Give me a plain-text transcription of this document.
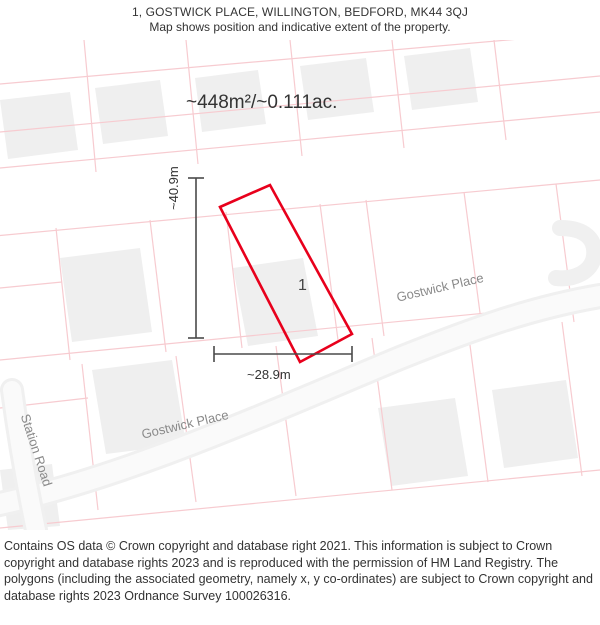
1, GOSTWICK PLACE, WILLINGTON, BEDFORD, MK44 3QJ
Map shows position and indicative extent of the property.
~448m²/~0.111ac.
1
~40.9m
~28.9m
Gostwick Place
Gostwick Place
Station Road
Contains OS data © Crown copyright and database right 2021. This information is subject to Crown copyright and database rights 2023 and is reproduced with the permission of HM Land Registry. The polygons (including the associated geometry, namely x, y co-ordinates) are subject to Crown copyright and database rights 2023 Ordnance Survey 100026316.
